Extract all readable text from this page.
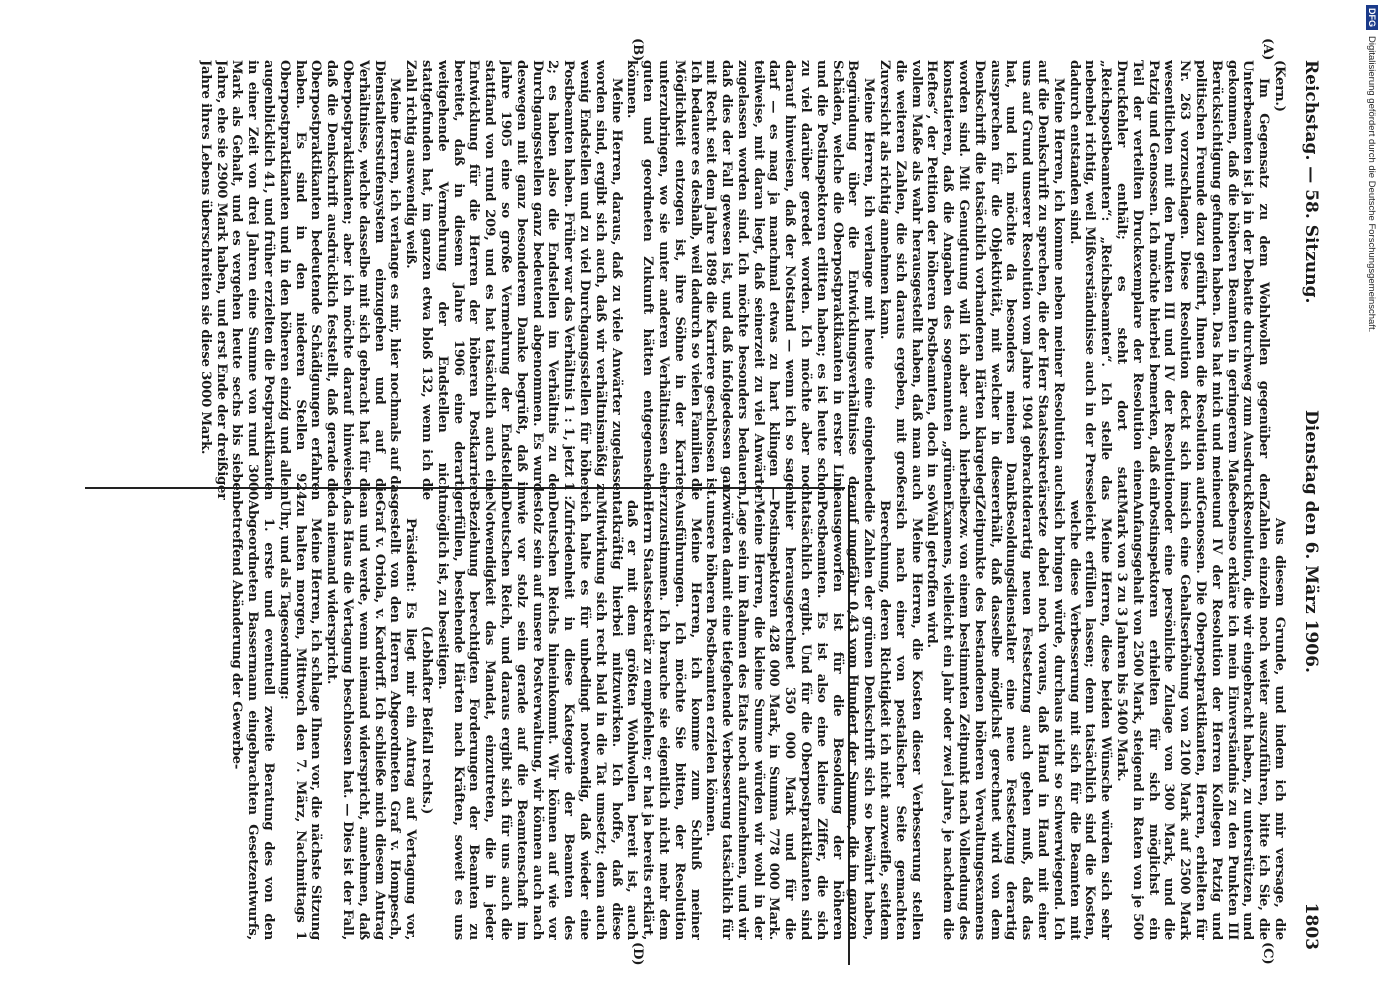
Reichstag. — 58. Sitzung.
Dienstag den 6. März 1906.
1803
(A)
(B)
(C)
(D)

(Kern.)

Im Gegensatz zu dem Wohlwollen gegenüber den Unterbeamten ist ja in der Debatte durchweg zum Ausdruck gekommen, daß die höheren Beamten in geringerem Maße Berücksichtigung gefunden haben. Das hat mich und meine politischen Freunde dazu geführt, Ihnen die Resolution auf Nr. 263 vorzuschlagen. Diese Resolution deckt sich im wesentlichen mit den Punkten III und IV der Resolution Patzig und Genossen. Ich möchte hierbei bemerken, daß ein Teil der verteilten Druckexemplare der Resolution einen Druckfehler enthält; es steht dort statt „Reichspostbeamten“: „Reichsbeamten“. Ich stelle das nebenbei richtig, weil Mißverständnisse auch in der Presse dadurch entstanden sind.

Meine Herren, ich komme neben meiner Resolution auch auf die Denkschrift zu sprechen, die der Herr Staatssekretär uns auf Grund unserer Resolution vom Jahre 1904 gebracht hat, und ich möchte da besonders meinen Dank aussprechen für die Objektivität, mit welcher in dieser Denkschrift die tatsächlich vorhandenen Härten klargelegt worden sind. Mit Genugtuung will ich aber auch hierbei konstatieren, daß die Angaben des sogenannten „grünen Heftes“, der Petition der höheren Postbeamten, doch in so vollem Maße als wahr herausgestellt haben, daß man auch die weiteren Zahlen, die sich daraus ergeben, mit großer Zuversicht als richtig annehmen kann.

Meine Herren, ich verlange mit heute eine eingehende Begründung über die Entwicklungsverhältnisse der Schäden, welche die Oberpostpraktikanten in erster Linie und die Postinspektoren erlitten haben; es ist heute schon zu viel darüber geredet worden. Ich möchte aber noch darauf hinweisen, daß der Notstand — wenn ich so sagen darf — es mag ja manchmal etwas zu hart klingen — teilweise, mit daran liegt, daß seinerzeit zu viel Anwärter zugelassen worden sind. Ich möchte besonders bedauern, daß dies der Fall gewesen ist, und daß infolgedessen ganz mit Recht seit dem Jahre 1898 die Karriere geschlossen ist. Ich bedauere es deshalb, weil dadurch so vielen Familien die Möglichkeit entzogen ist, ihre Söhne in der Karriere unterzubringen, wo sie unter anderen Verhältnissen einer guten und geordneten Zukunft hätten entgegensehen können.

Meine Herren, daraus, daß zu viele Anwärter zugelassen worden sind, ergibt sich auch, daß wir verhältnismäßig zu wenig Endstellen und zu viel Durchgangsstellen für höhere Postbeamten haben. Früher war das Verhältnis 1 : 1, jetzt 1 : 2; es haben also die Endstellen im Verhältnis zu den Durchgangsstellen ganz bedeutend abgenommen. Es wurde deswegen mit ganz besonderem Danke begrüßt, daß im Jahre 1905 eine so große Vermehrung der Endstellen stattfand von rund 209, und es hat tatsächlich auch eine Entwicklung für die Herren der höheren Postkarriere bereitet, daß in diesem Jahre 1906 eine derartig weitgehende Vermehrung der Endstellen nicht stattgefunden hat, im ganzen etwa bloß 132, wenn ich die Zahl richtig auswendig weiß.

Meine Herren, ich verlange es mir, hier nochmals auf das Dienstaltersstufensystem einzugehen und auf die Verhältnisse, welche dasselbe mit sich gebracht hat für die Oberpostpraktikanten; aber ich möchte darauf hinweisen, daß die Denkschrift ausdrücklich feststellt, daß gerade die Oberpostpraktikanten bedeutende Schädigungen erfahren haben. Es sind in den niederen Stellen 924 Oberpostpraktikanten und in den höheren einzig und allein augenblicklich 41, und früher erzielten die Postpraktikanten in einer Zeit von drei Jahren eine Summe von rund 3000 Mark als Gehalt, und es vergehen heute sechs bis sieben Jahre, ehe sie 2900 Mark haben, und erst Ende der dreißiger Jahre ihres Lebens überschreiten sie diese 3000 Mark.

Aus diesem Grunde, und indem ich mir versage, die Zahlen einzeln noch weiter auszuführen, bitte ich Sie, die Resolution, die wir eingebracht haben, zu unterstützen, und ebenso erkläre ich mein Einverständnis zu den Punkten III und IV der Resolution der Herren Kollegen Patzig und Genossen. Die Oberpostpraktikanten, Herren, erhielten für sich eine Gehaltserhöhung von 2100 Mark auf 2500 Mark oder eine persönliche Zulage von 300 Mark, und die Postinspektoren erhielten für sich möglichst ein Anfangsgehalt von 2500 Mark, steigend in Raten von je 500 Mark von 3 zu 3 Jahren bis 5400 Mark.

Meine Herren, diese beiden Wünsche würden sich sehr leicht erfüllen lassen; denn tatsächlich sind die Kosten, welche diese Verbesserung mit sich für die Beamten mit sich bringen würde, durchaus nicht so schwerwiegend. Ich setze dabei noch voraus, daß Hand in Hand mit einer derartig neuen Festsetzung auch gehen muß, daß das Besoldungsdienstalter eine neue Festsetzung derartig erhält, daß dasselbe möglichst gerechnet wird von dem Zeitpunkte des bestandenen höheren Verwaltungsexamens bezw. von einem bestimmten Zeitpunkt nach Vollendung des Examens, vielleicht ein Jahr oder zwei Jahre, je nachdem die Wahl getroffen wird.

Meine Herren, die Kosten dieser Verbesserung stellen sich nach einer von postalischer Seite gemachten Berechnung, deren Richtigkeit ich nicht anzweifle, seitdem die Zahlen der grünen Denkschrift sich so bewährt haben, auf ungefähr 0,43 vom Hundert der Summe, die im ganzen ausgeworfen ist für die Besoldung der höheren Postbeamten. Es ist also eine kleine Ziffer, die sich tatsächlich ergibt. Und für die Oberpostpraktikanten sind hier herausgerechnet 350 000 Mark und für die Postinspektoren 428 000 Mark, in Summa 778 000 Mark. Meine Herren, die kleine Summe würden wir wohl in der Lage sein im Rahmen des Etats noch aufzunehmen, und wir würden damit eine tiefgehende Verbesserung tatsächlich für unsere höheren Postbeamten erzielen können.

Meine Herren, ich komme zum Schluß meiner Ausführungen. Ich möchte Sie bitten, der Resolution zuzustimmen. Ich brauche sie eigentlich nicht mehr dem Herrn Staatssekretär zu empfehlen; er hat ja bereits erklärt, daß er mit dem größten Wohlwollen bereit ist, auch tatkräftig hierbei mitzuwirken. Ich hoffe, daß diese Mitwirkung sich recht bald in die Tat umsetzt; denn auch ich halte es für unbedingt notwendig, daß wieder eine Zufriedenheit in diese Kategorie der Beamten des Deutschen Reichs hineinkommt. Wir können auf wie vor stolz sein auf unsere Postverwaltung, wir können auch nach wie vor stolz sein gerade auf die Beamtenschaft im Deutschen Reich, und daraus ergibt sich für uns auch die Notwendigkeit das Mandat, einzutreten, die in jeder Beziehung berechtigten Forderungen der Beamten zu erfüllen, bestehende Härten nach Kräften, soweit es uns möglich ist, zu beseitigen.

(Lebhafter Beifall rechts.)

Präsident: Es liegt mir ein Antrag auf Vertagung vor, gestellt von den Herren Abgeordneten Graf v. Hompesch, Graf v. Oriola, v. Kardorff. Ich schließe mich diesem Antrag an und werde, wenn niemand widerspricht, annehmen, daß das Haus die Vertagung beschlossen hat. — Dies ist der Fall, da niemand widerspricht.

Meine Herren, ich schlage Ihnen vor, die nächste Sitzung zu halten morgen, Mittwoch den 7. März, Nachmittags 1 Uhr, und als Tagesordnung:

1. erste und eventuell zweite Beratung des von den Abgeordneten Bassermann eingebrachten Gesetzentwurfs, betreffend Abänderung der Gewerbe-

DFGDigitalisierung gefördert durch die Deutsche Forschungsgemeinschaft.
